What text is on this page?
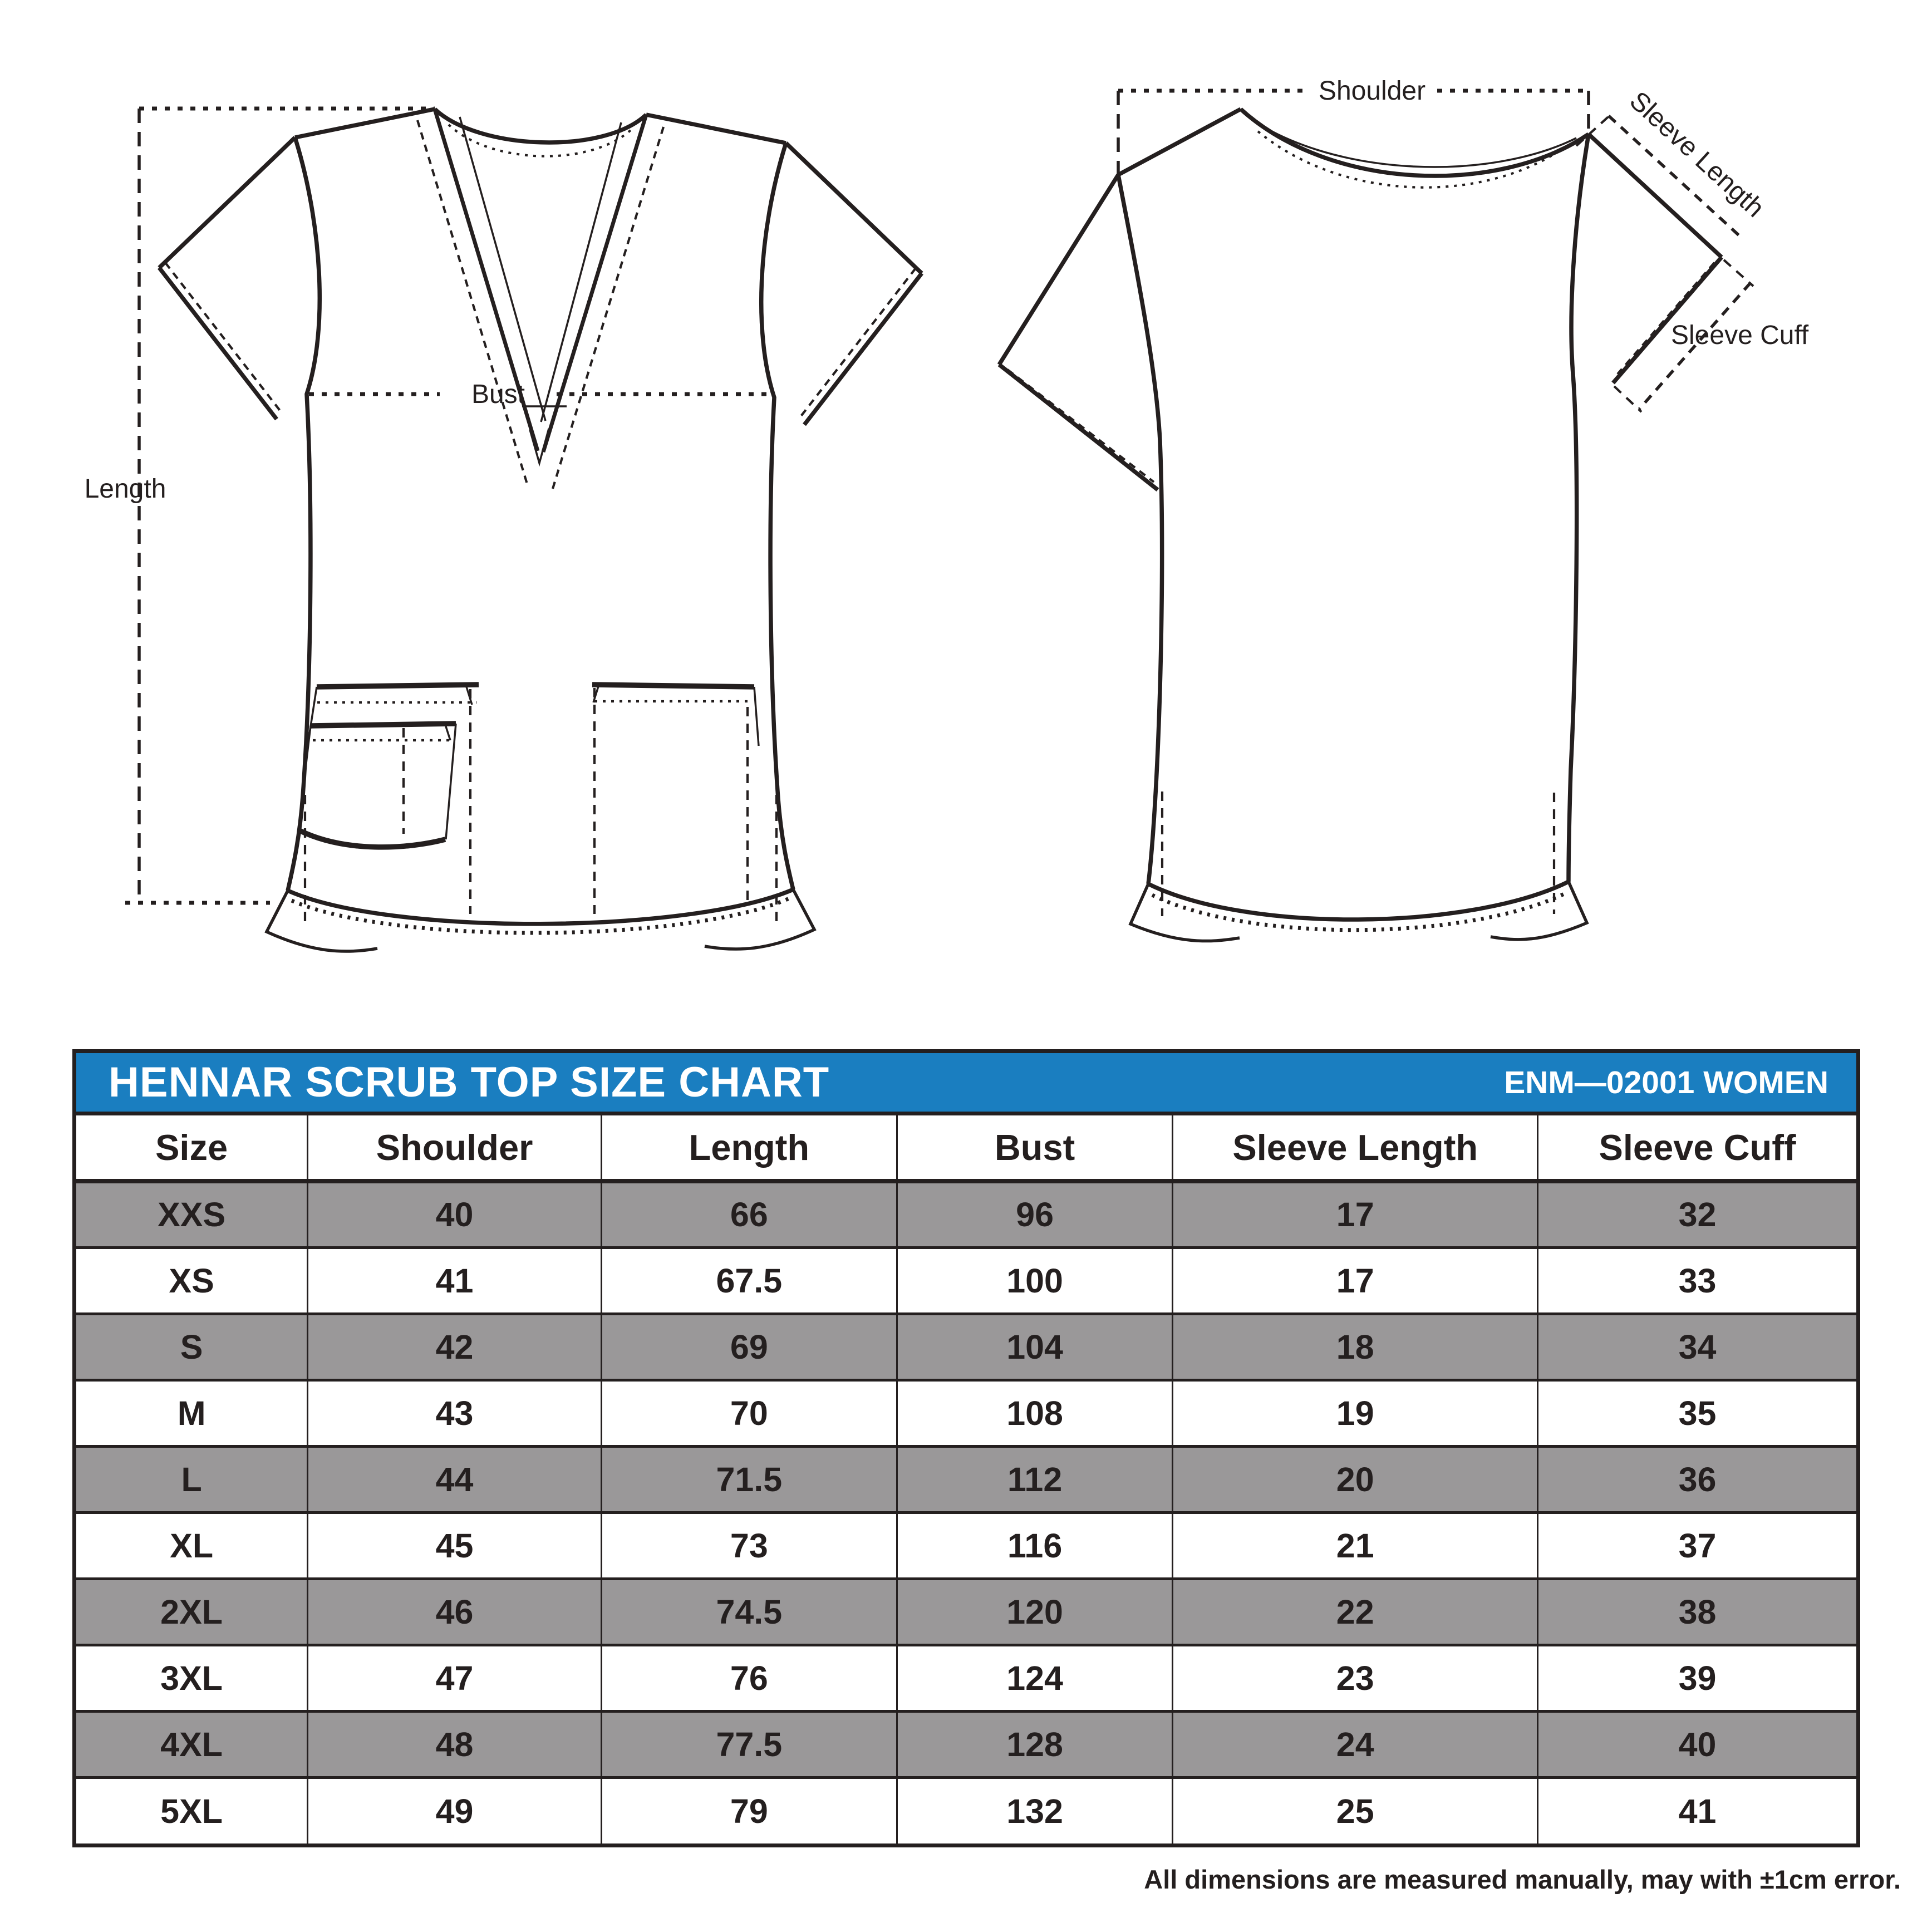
Length
Bust
Shoulder	Sleeve Length
Sleeve Cuff
HENNAR SCRUB TOP SIZE CHART	ENM—02001 WOMEN
Size	Shoulder	Length	Bust	Sleeve Length	Sleeve Cuff
XXS	40	66	96	17	32
XS	41	67.5	100	17	33
S	42	69	104	18	34
M	43	70	108	19	35
L	44	71.5	112	20	36
XL	45	73	116	21	37
2XL	46	74.5	120	22	38
3XL	47	76	124	23	39
4XL	48	77.5	128	24	40
5XL	49	79	132	25	41
All dimensions are measured manually, may with ±1cm error.
